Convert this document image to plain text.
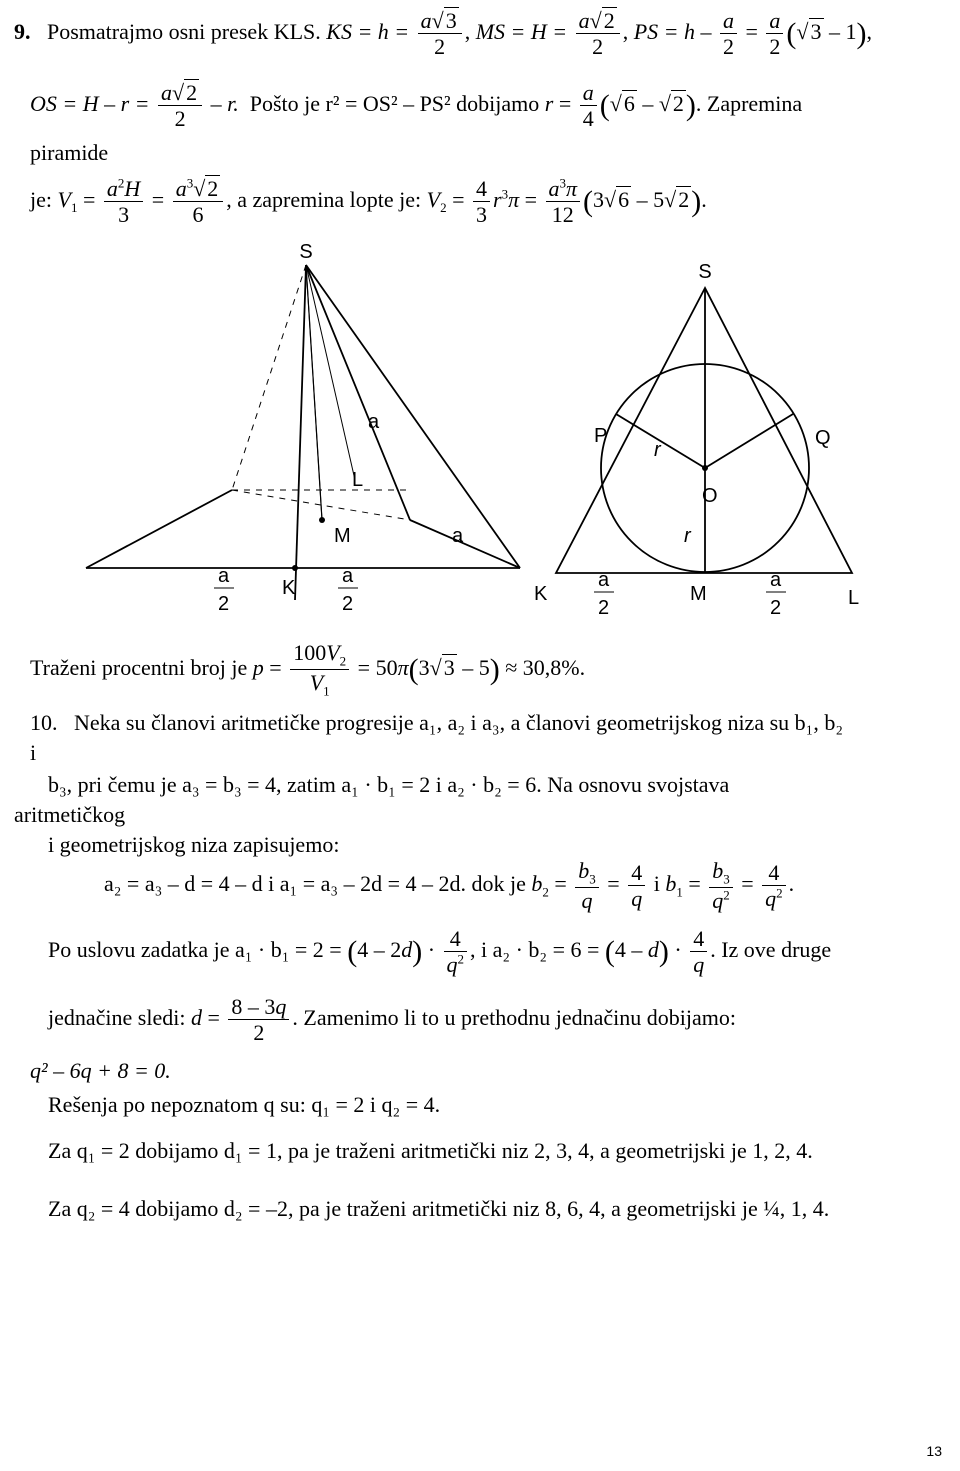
9. Posmatrajmo osni presek KLS. KS = $h = \frac{a√3}{2}$ , MS = $H = \frac{a√2}{2}$ , PS = $h - \frac{a}{2} = \frac{a}{2} (√3 - 1)$,
OS = $H - r = \frac{a√2}{2} - r$. Pošto je r² = OS² – PS² dobijamo $r = \frac{a}{4} (√6 - √2)$. Zapremina
piramide
je: $V_1 = \frac{a^2H}{3} = \frac{a^3√2}{6}$ , a zapremina lopte je: $V_2 = \frac{4}{3} r^3\pi = \frac{a^3\pi}{12} (3√6 - 5√2)$.
S
a
L
M	a
a
2
K
a
2
S
P	Q
r
O
r
K
a
2
M
a
2	L
Traženi procentni broj je $p = \frac{100V_2}{V_1} = 50\pi(3√3 - 5) \approx 30,8\%$.
10. Neka su članovi aritmetičke progresije a₁, a₂ i a₃, a članovi geometrijskog niza su b₁, b₂
i
b₃, pri čemu je a₃ = b₃ = 4, zatim a₁ · b₁ = 2 i a₂ · b₂ = 6. Na osnovu svojstava
aritmetičkog
i geometrijskog niza zapisujemo:
a₂ = a₃ – d = 4 – d i a₁ = a₃ – 2d = 4 – 2d. dok je $b_2 = \frac{b_3}{q} = \frac{4}{q}$ i $b_1 = \frac{b_3}{q^2} = \frac{4}{q^2}$ .
Po uslovu zadatka je $a_1 \cdot b_1 = 2 = (4 - 2d) \cdot \frac{4}{q^2}$ , i $a_2 \cdot b_2 = 6 = (4 - d) \cdot \frac{4}{q}$ . Iz ove druge
jednačine sledi: $d = \frac{8 - 3q}{2}$ . Zamenimo li to u prethodnu jednačinu dobijamo:
q² – 6q + 8 = 0.
Rešenja po nepoznatom q su: q₁ = 2 i q₂ = 4.
Za q₁ = 2 dobijamo d₁ = 1, pa je traženi aritmetički niz 2, 3, 4, a geometrijski je 1, 2, 4.
Za q₂ = 4 dobijamo d₂ = –2, pa je traženi aritmetički niz 8, 6, 4, a geometrijski je ¼, 1, 4.
13
